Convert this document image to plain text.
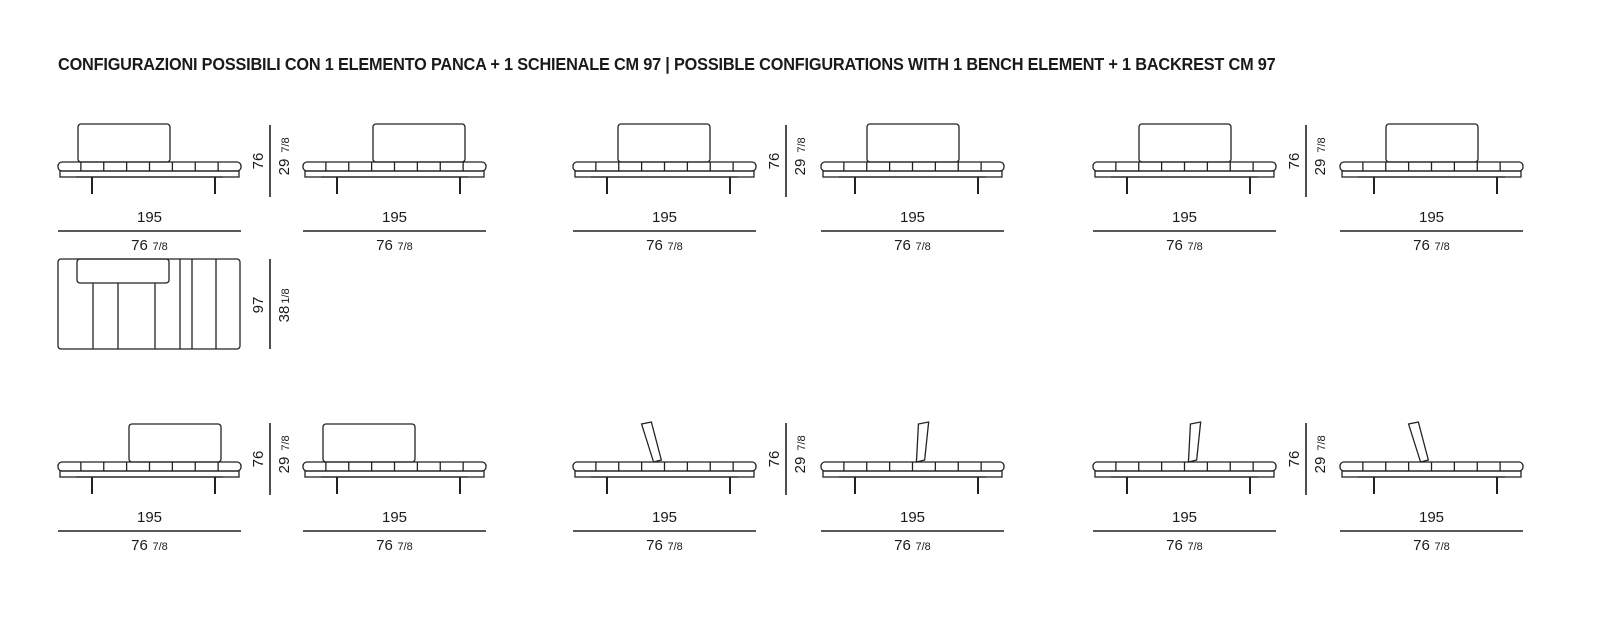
CONFIGURAZIONI POSSIBILI CON 1 ELEMENTO PANCA + 1 SCHIENALE CM 97 | POSSIBLE CONFIGURATIONS WITH 1 BENCH ELEMENT + 1 BACKREST CM 97
195
76 7/8
195
76 7/8
195
76 7/8
195
76 7/8
195
76 7/8
195
76 7/8
76 29
7/8
76 29
7/8
76 29
7/8
195
76 7/8
195
76 7/8
195
76 7/8
195
76 7/8
195
76 7/8
195
76 7/8
76 29
7/8
76 29
7/8
76 29
7/8
97
38
1/8
